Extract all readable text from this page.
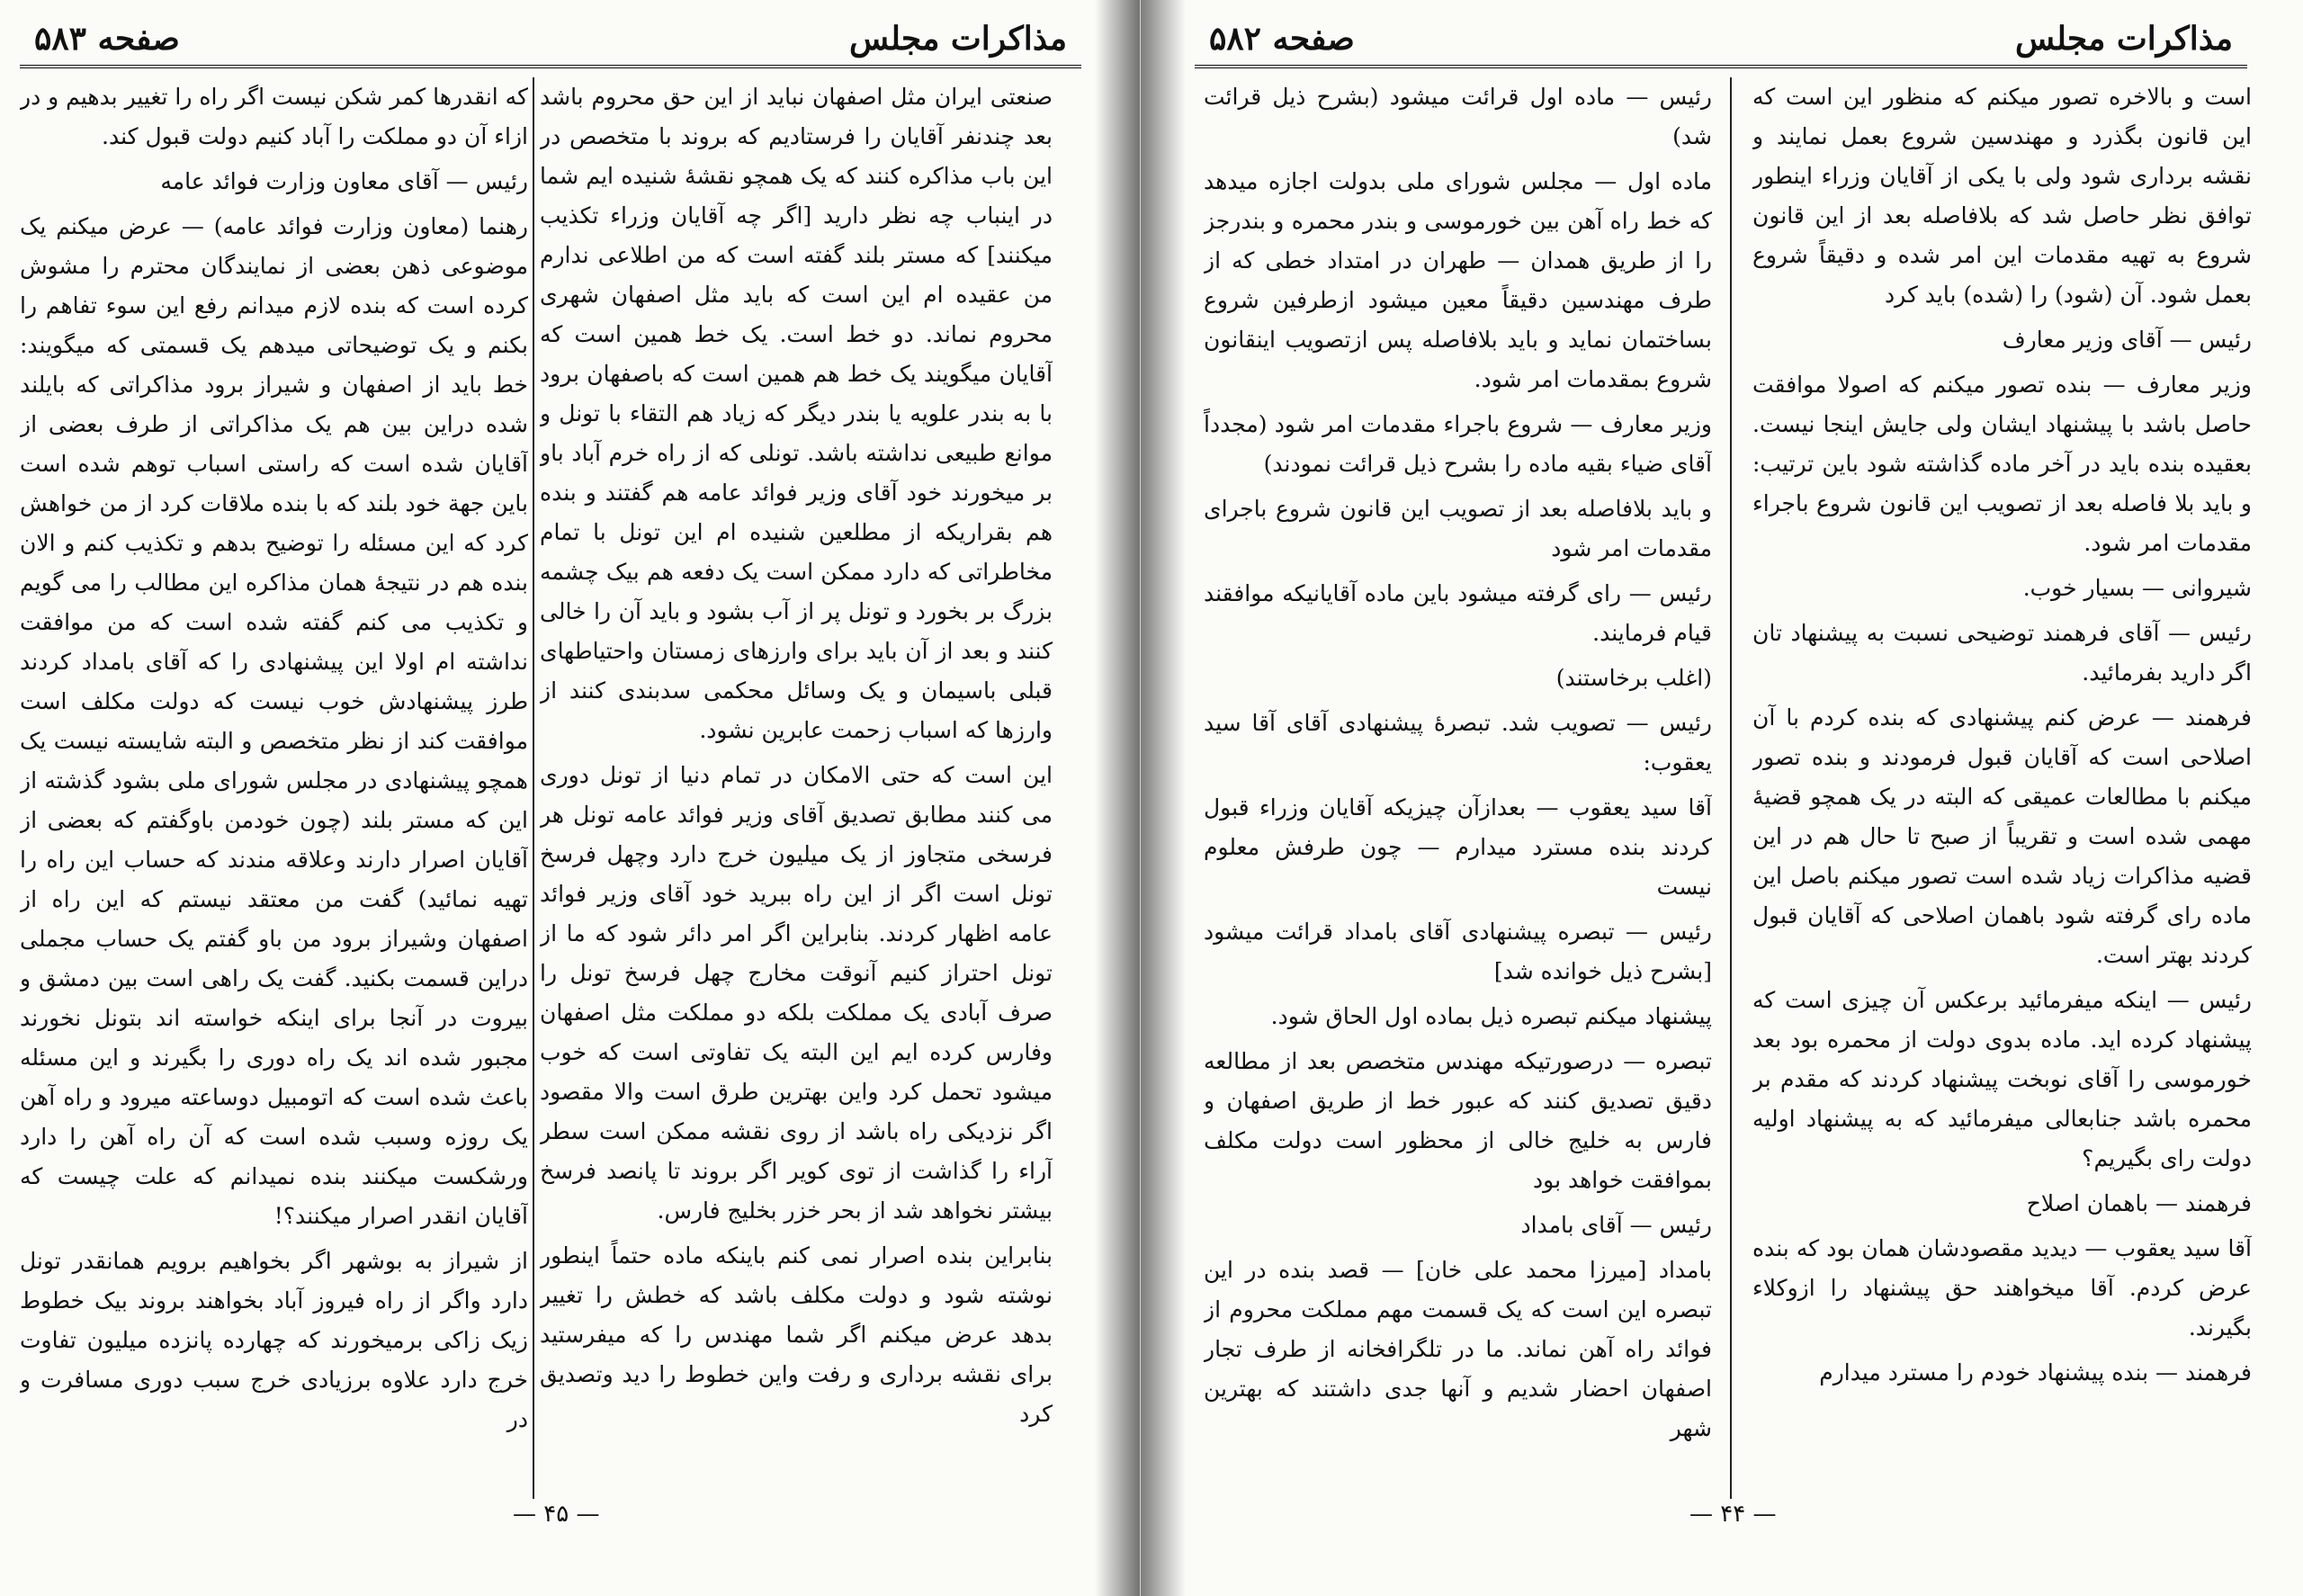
مذاکرات مجلس
صفحه ۵۸۳

صنعتی ایران مثل اصفهان نباید از این حق محروم باشد بعد چندنفر آقایان را فرستادیم که بروند با متخصص در این باب مذاکره کنند که یک همچو نقشهٔ شنیده ایم شما در اینباب چه نظر دارید [اگر چه آقایان وزراء تکذیب میکنند] که مستر بلند گفته است که من اطلاعی ندارم من عقیده ام این است که باید مثل اصفهان شهری محروم نماند. دو خط است. یک خط همین است که آقایان میگویند یک خط هم همین است که باصفهان برود با به بندر علویه یا بندر دیگر که زیاد هم التقاء با تونل و موانع طبیعی نداشته باشد. تونلی که از راه خرم آباد باو بر میخورند خود آقای وزیر فوائد عامه هم گفتند و بنده هم بقراریکه از مطلعین شنیده ام این تونل با تمام مخاطراتی که دارد ممکن است یک دفعه هم بیک چشمه بزرگ بر بخورد و تونل پر از آب بشود و باید آن را خالی کنند و بعد از آن باید برای وارزهای زمستان واحتیاطهای قبلی باسیمان و یک وسائل محکمی سدبندی کنند از وارزها که اسباب زحمت عابرین نشود.

این است که حتی الامکان در تمام دنیا از تونل دوری می کنند مطابق تصدیق آقای وزیر فوائد عامه تونل هر فرسخی متجاوز از یک میلیون خرج دارد وچهل فرسخ تونل است اگر از این راه ببرید خود آقای وزیر فوائد عامه اظهار کردند. بنابراین اگر امر دائر شود که ما از تونل احتراز کنیم آنوقت مخارج چهل فرسخ تونل را صرف آبادی یک مملکت بلکه دو مملکت مثل اصفهان وفارس کرده ایم این البته یک تفاوتی است که خوب میشود تحمل کرد واین بهترین طرق است والا مقصود اگر نزدیکی راه باشد از روی نقشه ممکن است سطر آراء را گذاشت از توی کویر اگر بروند تا پانصد فرسخ بیشتر نخواهد شد از بحر خزر بخلیج فارس.

بنابراین بنده اصرار نمی کنم باینکه ماده حتماً اینطور نوشته شود و دولت مکلف باشد که خطش را تغییر بدهد عرض میکنم اگر شما مهندس را که میفرستید برای نقشه برداری و رفت واین خطوط را دید وتصدیق کرد

که انقدرها کمر شکن نیست اگر راه را تغییر بدهیم و در ازاء آن دو مملکت را آباد کنیم دولت قبول کند.

رئیس — آقای معاون وزارت فوائد عامه

رهنما (معاون وزارت فوائد عامه) — عرض میکنم یک موضوعی ذهن بعضی از نمایندگان محترم را مشوش کرده است که بنده لازم میدانم رفع این سوء تفاهم را بکنم و یک توضیحاتی میدهم یک قسمتی که میگویند: خط باید از اصفهان و شیراز برود مذاکراتی که بایلند شده دراین بین هم یک مذاکراتی از طرف بعضی از آقایان شده است که راستی اسباب توهم شده است باین جهة خود بلند که با بنده ملاقات کرد از من خواهش کرد که این مسئله را توضیح بدهم و تکذیب کنم و الان بنده هم در نتیجهٔ همان مذاکره این مطالب را می گویم و تکذیب می کنم گفته شده است که من موافقت نداشته ام اولا این پیشنهادی را که آقای بامداد کردند طرز پیشنهادش خوب نیست که دولت مکلف است موافقت کند از نظر متخصص و البته شایسته نیست یک همچو پیشنهادی در مجلس شورای ملی بشود گذشته از این که مستر بلند (چون خودمن باوگفتم که بعضی از آقایان اصرار دارند وعلاقه مندند که حساب این راه را تهیه نمائید) گفت من معتقد نیستم که این راه از اصفهان وشیراز برود من باو گفتم یک حساب مجملی دراین قسمت بکنید. گفت یک راهی است بین دمشق و بیروت در آنجا برای اینکه خواسته اند بتونل نخورند مجبور شده اند یک راه دوری را بگیرند و این مسئله باعث شده است که اتومبیل دوساعته میرود و راه آهن یک روزه وسبب شده است که آن راه آهن را دارد ورشکست میکنند بنده نمیدانم که علت چیست که آقایان انقدر اصرار میکنند؟!

از شیراز به بوشهر اگر بخواهیم برویم همانقدر تونل دارد واگر از راه فیروز آباد بخواهند بروند بیک خطوط زیک زاکی برمیخورند که چهارده پانزده میلیون تفاوت خرج دارد علاوه برزیادی خرج سبب دوری مسافرت و در

— ۴۵ —
مذاکرات مجلس
صفحه ۵۸۲

است و بالاخره تصور میکنم که منظور این است که این قانون بگذرد و مهندسین شروع بعمل نمایند و نقشه برداری شود ولی با یکی از آقایان وزراء اینطور توافق نظر حاصل شد که بلافاصله بعد از این قانون شروع به تهیه مقدمات این امر شده و دقیقاً شروع بعمل شود. آن (شود) را (شده) باید کرد

رئیس — آقای وزیر معارف

وزیر معارف — بنده تصور میکنم که اصولا موافقت حاصل باشد با پیشنهاد ایشان ولی جایش اینجا نیست. بعقیده بنده باید در آخر ماده گذاشته شود باین ترتیب: و باید بلا فاصله بعد از تصویب این قانون شروع باجراء مقدمات امر شود.

شیروانی — بسیار خوب.

رئیس — آقای فرهمند توضیحی نسبت به پیشنهاد تان اگر دارید بفرمائید.

فرهمند — عرض کنم پیشنهادی که بنده کردم با آن اصلاحی است که آقایان قبول فرمودند و بنده تصور میکنم با مطالعات عمیقی که البته در یک همچو قضیهٔ مهمی شده است و تقریباً از صبح تا حال هم در این قضیه مذاکرات زیاد شده است تصور میکنم باصل این ماده رای گرفته شود باهمان اصلاحی که آقایان قبول کردند بهتر است.

رئیس — اینکه میفرمائید برعکس آن چیزی است که پیشنهاد کرده اید. ماده بدوی دولت از محمره بود بعد خورموسی را آقای نوبخت پیشنهاد کردند که مقدم بر محمره باشد جنابعالی میفرمائید که به پیشنهاد اولیه دولت رای بگیریم؟

فرهمند — باهمان اصلاح

آقا سید یعقوب — دیدید مقصودشان همان بود که بنده عرض کردم. آقا میخواهند حق پیشنهاد را ازوکلاء بگیرند.

فرهمند — بنده پیشنهاد خودم را مسترد میدارم

رئیس — ماده اول قرائت میشود (بشرح ذیل قرائت شد)

ماده اول — مجلس شورای ملی بدولت اجازه میدهد که خط راه آهن بین خورموسی و بندر محمره و بندرجز را از طریق همدان — طهران در امتداد خطی که از طرف مهندسین دقیقاً معین میشود ازطرفین شروع بساختمان نماید و باید بلافاصله پس ازتصویب اینقانون شروع بمقدمات امر شود.

وزیر معارف — شروع باجراء مقدمات امر شود (مجدداً آقای ضیاء بقیه ماده را بشرح ذیل قرائت نمودند)

و باید بلافاصله بعد از تصویب این قانون شروع باجرای مقدمات امر شود

رئیس — رای گرفته میشود باین ماده آقایانیکه موافقند قیام فرمایند.

(اغلب برخاستند)

رئیس — تصویب شد. تبصرهٔ پیشنهادی آقای آقا سید یعقوب:

آقا سید یعقوب — بعدازآن چیزیکه آقایان وزراء قبول کردند بنده مسترد میدارم — چون طرفش معلوم نیست

رئیس — تبصره پیشنهادی آقای بامداد قرائت میشود [بشرح ذیل خوانده شد]

پیشنهاد میکنم تبصره ذیل بماده اول الحاق شود.

تبصره — درصورتیکه مهندس متخصص بعد از مطالعه دقیق تصدیق کنند که عبور خط از طریق اصفهان و فارس به خلیج خالی از محظور است دولت مکلف بموافقت خواهد بود

رئیس — آقای بامداد

بامداد [میرزا محمد علی خان] — قصد بنده در این تبصره این است که یک قسمت مهم مملکت محروم از فوائد راه آهن نماند. ما در تلگرافخانه از طرف تجار اصفهان احضار شدیم و آنها جدی داشتند که بهترین شهر

— ۴۴ —
